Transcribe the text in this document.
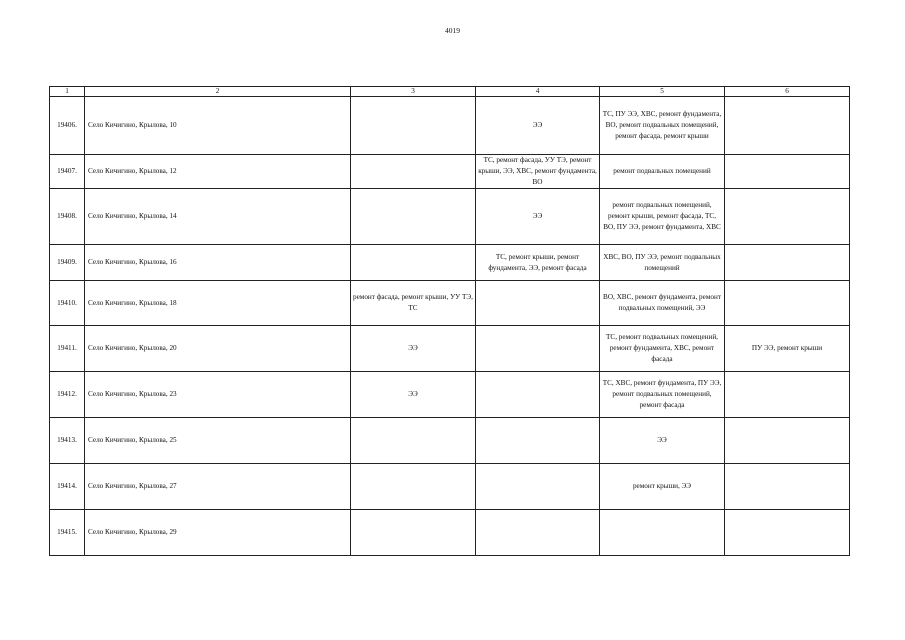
4019
1	2	3	4	5	6
19406.	Село Кичигино, Крылова, 10		ЭЭ	ТС, ПУ ЭЭ, ХВС, ремонт фундамента, ВО, ремонт подвальных помещений, ремонт фасада, ремонт крыши	
19407.	Село Кичигино, Крылова, 12		ТС, ремонт фасада, УУ ТЭ, ремонт крыши, ЭЭ, ХВС, ремонт фундамента, ВО	ремонт подвальных помещений	
19408.	Село Кичигино, Крылова, 14		ЭЭ	ремонт подвальных помещений, ремонт крыши, ремонт фасада, ТС, ВО, ПУ ЭЭ, ремонт фундамента, ХВС	
19409.	Село Кичигино, Крылова, 16		ТС, ремонт крыши, ремонт фундамента, ЭЭ, ремонт фасада	ХВС, ВО, ПУ ЭЭ, ремонт подвальных помещений	
19410.	Село Кичигино, Крылова, 18	ремонт фасада, ремонт крыши, УУ ТЭ, ТС		ВО, ХВС, ремонт фундамента, ремонт подвальных помещений, ЭЭ	
19411.	Село Кичигино, Крылова, 20	ЭЭ		ТС, ремонт подвальных помещений, ремонт фундамента, ХВС, ремонт фасада	ПУ ЭЭ, ремонт крыши
19412.	Село Кичигино, Крылова, 23	ЭЭ		ТС, ХВС, ремонт фундамента, ПУ ЭЭ, ремонт подвальных помещений, ремонт фасада	
19413.	Село Кичигино, Крылова, 25			ЭЭ	
19414.	Село Кичигино, Крылова, 27			ремонт крыши, ЭЭ	
19415.	Село Кичигино, Крылова, 29				
